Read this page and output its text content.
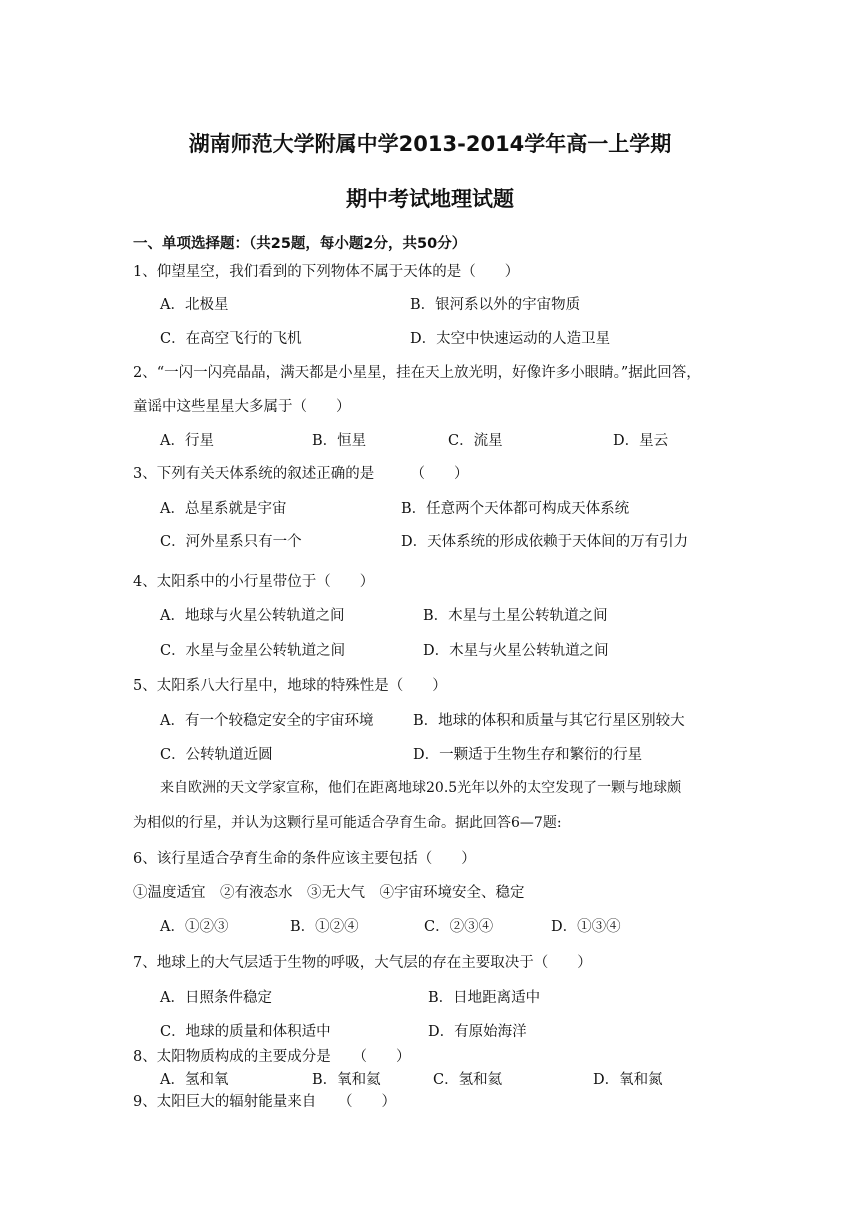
湖南师范大学附属中学2013-2014学年高一上学期
期中考试地理试题
一、单项选择题：（共25题，每小题2分，共50分）
1、仰望星空，我们看到的下列物体不属于天体的是（　　）
A．北极星	B．银河系以外的宇宙物质
C．在高空飞行的飞机	D．太空中快速运动的人造卫星
2、“一闪一闪亮晶晶，满天都是小星星，挂在天上放光明，好像许多小眼睛。”据此回答，
童谣中这些星星大多属于（　　）
A．行星	B．恒星	C．流星	D．星云
3、下列有关天体系统的叙述正确的是　　　（　　）
A．总星系就是宇宙	B．任意两个天体都可构成天体系统
C．河外星系只有一个	D．天体系统的形成依赖于天体间的万有引力
4、太阳系中的小行星带位于（　　）
A．地球与火星公转轨道之间	B．木星与土星公转轨道之间
C．水星与金星公转轨道之间	D．木星与火星公转轨道之间
5、太阳系八大行星中，地球的特殊性是（　　）
A．有一个较稳定安全的宇宙环境	B．地球的体积和质量与其它行星区别较大
C．公转轨道近圆	D．一颗适于生物生存和繁衍的行星
来自欧洲的天文学家宣称，他们在距离地球20.5光年以外的太空发现了一颗与地球颇
为相似的行星，并认为这颗行星可能适合孕育生命。据此回答6—7题:
6、该行星适合孕育生命的条件应该主要包括（　　）
①温度适宜　②有液态水　③无大气　④宇宙环境安全、稳定
A．①②③	B．①②④	C．②③④	D．①③④
7、地球上的大气层适于生物的呼吸，大气层的存在主要取决于（　　）
A．日照条件稳定	B．日地距离适中
C．地球的质量和体积适中	D．有原始海洋
8、太阳物质构成的主要成分是　　（　　）
A．氢和氧	B．氧和氦	C．氢和氦	D．氧和氮
9、太阳巨大的辐射能量来自　　（　　）
